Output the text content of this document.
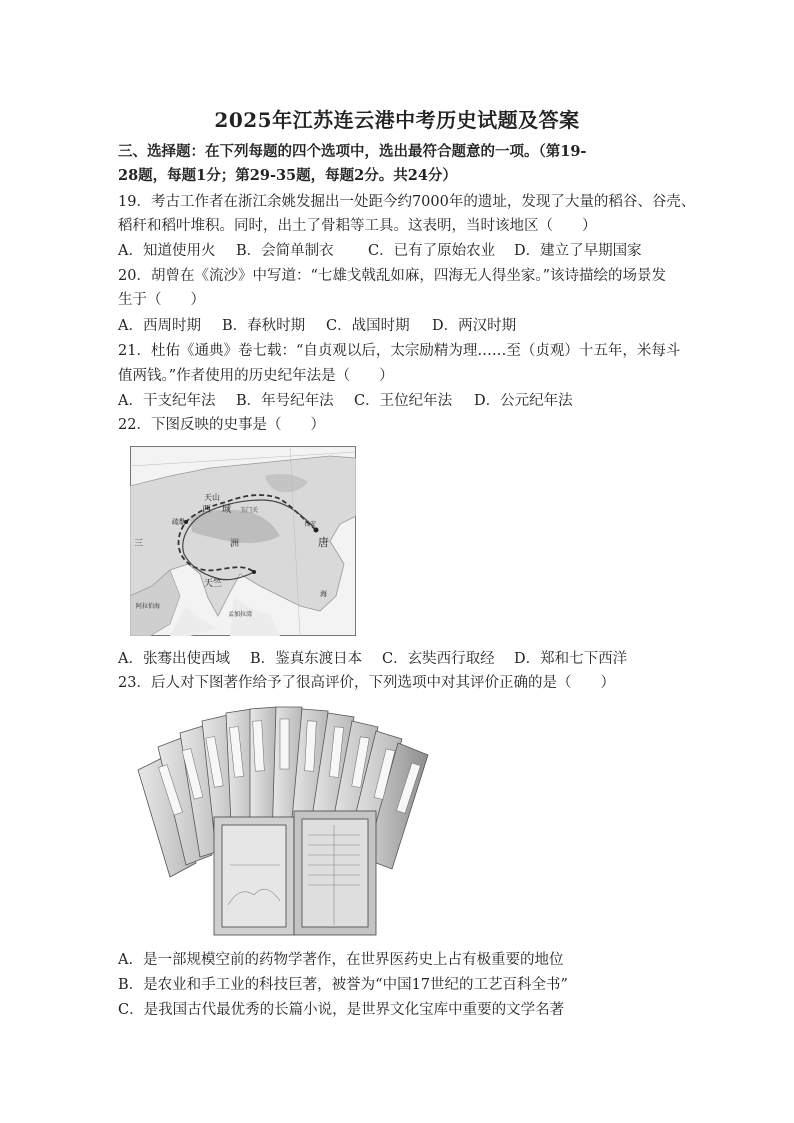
2025年江苏连云港中考历史试题及答案
三、选择题：在下列每题的四个选项中，选出最符合题意的一项。（第19-
28题，每题1分；第29-35题，每题2分。共24分）
19．考古工作者在浙江余姚发掘出一处距今约7000年的遗址，发现了大量的稻谷、谷壳、
稻秆和稻叶堆积。同时，出土了骨耜等工具。这表明，当时该地区（　　）
A．知道使用火 B．会简单制衣 C．已有了原始农业 D．建立了早期国家
20．胡曾在《流沙》中写道：“七雄戈戟乱如麻，四海无人得坐家。”该诗描绘的场景发
生于（　　）
A．西周时期 B．春秋时期 C．战国时期 D．两汉时期
21．杜佑《通典》卷七载：“自贞观以后，太宗励精为理……至（贞观）十五年，米每斗
值两钱。”作者使用的历史纪年法是（　　）
A．干支纪年法 B．年号纪年法 C．王位纪年法 D．公元纪年法
22．下图反映的史事是（　　）
天山
西 域 玉门关
疏勒
洲
长安
唐
天竺
海
阿拉伯海
孟加拉湾
三
A．张骞出使西域 B．鉴真东渡日本 C．玄奘西行取经 D．郑和七下西洋
23．后人对下图著作给予了很高评价，下列选项中对其评价正确的是（　　）
A．是一部规模空前的药物学著作，在世界医药史上占有极重要的地位
B．是农业和手工业的科技巨著，被誉为“中国17世纪的工艺百科全书”
C．是我国古代最优秀的长篇小说，是世界文化宝库中重要的文学名著
